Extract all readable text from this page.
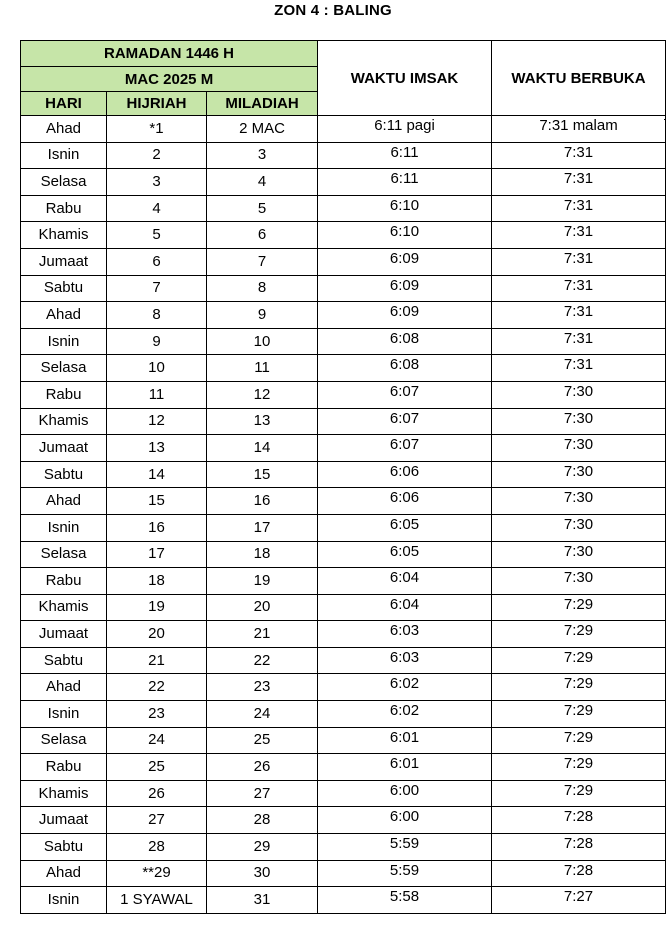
ZON 4 : BALING
RAMADAN 1446 H			WAKTU IMSAK	WAKTU BERBUKA
MAC 2025 M				
HARI	HIJRIAH	MILADIAH		
Ahad	*1	2 MAC	6:11 pagi	7:31 malam
Isnin	2	3	6:11	7:31
Selasa	3	4	6:11	7:31
Rabu	4	5	6:10	7:31
Khamis	5	6	6:10	7:31
Jumaat	6	7	6:09	7:31
Sabtu	7	8	6:09	7:31
Ahad	8	9	6:09	7:31
Isnin	9	10	6:08	7:31
Selasa	10	11	6:08	7:31
Rabu	11	12	6:07	7:30
Khamis	12	13	6:07	7:30
Jumaat	13	14	6:07	7:30
Sabtu	14	15	6:06	7:30
Ahad	15	16	6:06	7:30
Isnin	16	17	6:05	7:30
Selasa	17	18	6:05	7:30
Rabu	18	19	6:04	7:30
Khamis	19	20	6:04	7:29
Jumaat	20	21	6:03	7:29
Sabtu	21	22	6:03	7:29
Ahad	22	23	6:02	7:29
Isnin	23	24	6:02	7:29
Selasa	24	25	6:01	7:29
Rabu	25	26	6:01	7:29
Khamis	26	27	6:00	7:29
Jumaat	27	28	6:00	7:28
Sabtu	28	29	5:59	7:28
Ahad	**29	30	5:59	7:28
Isnin	1 SYAWAL	31	5:58	7:27
